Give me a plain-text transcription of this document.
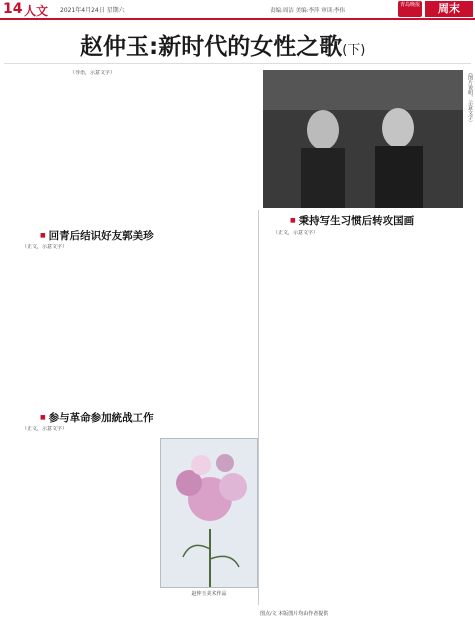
14 人文 2021年4月24日 星期六	责编:周洁 美编:李萍 审读:李伟
青岛晚报	周末
赵仲玉:新时代的女性之歌(下)

（导语，示意文字）	（图片说明，示意文字）
■ 回青后结识好友郭美珍

（正文，示意文字）

■ 参与革命参加統战工作

（正文，示意文字）

赵仲玉美术作品
■ 秉持写生习惯后转攻国画

（正文，示意文字）

图点/文 本版图片均由作者提供
